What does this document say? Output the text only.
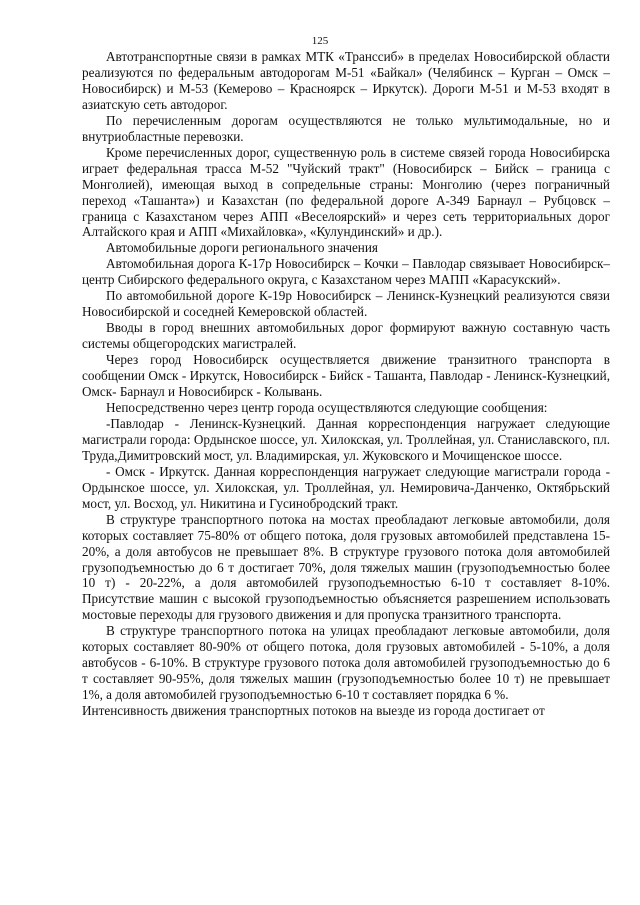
125

Автотранспортные связи в рамках МТК «Транссиб» в пределах Новосибирской области реализуются по федеральным автодорогам М-51 «Байкал» (Челябинск – Курган – Омск – Новосибирск) и М-53 (Кемерово – Красноярск – Иркутск). Дороги М-51 и М-53 входят в азиатскую сеть автодорог.

По перечисленным дорогам осуществляются не только мультимодальные, но и внутриобластные перевозки.

Кроме перечисленных дорог, существенную роль в системе связей города Новосибирска играет федеральная трасса М-52 "Чуйский тракт" (Новосибирск – Бийск – граница с Монголией), имеющая выход в сопредельные страны: Монголию (через пограничный переход «Ташанта») и Казахстан (по федеральной дороге А-349 Барнаул – Рубцовск – граница с Казахстаном через АПП «Веселоярский» и через сеть территориальных дорог Алтайского края и АПП «Михайловка», «Кулундинский» и др.).

Автомобильные дороги регионального значения

Автомобильная дорога К-17р Новосибирск – Кочки – Павлодар связывает Новосибирск– центр Сибирского федерального округа, с Казахстаном через МАПП «Карасукский».

По автомобильной дороге К-19р Новосибирск – Ленинск-Кузнецкий реализуются связи Новосибирской и соседней Кемеровской областей.

Вводы в город внешних автомобильных дорог формируют важную составную часть системы общегородских магистралей.

Через город Новосибирск осуществляется движение транзитного транспорта в сообщении Омск - Иркутск, Новосибирск - Бийск - Ташанта, Павлодар - Ленинск-Кузнецкий, Омск- Барнаул и Новосибирск - Колывань.

Непосредственно через центр города осуществляются следующие сообщения:

-Павлодар - Ленинск-Кузнецкий. Данная корреспонденция нагружает следующие магистрали города: Ордынское шоссе, ул. Хилокская, ул. Троллейная, ул. Станиславского, пл. Труда,Димитровский мост, ул. Владимирская, ул. Жуковского и Мочищенское шоссе.

- Омск - Иркутск. Данная корреспонденция нагружает следующие магистрали города - Ордынское шоссе, ул. Хилокская, ул. Троллейная, ул. Немировича-Данченко, Октябрьский мост, ул. Восход, ул. Никитина и Гусинобродский тракт.

В структуре транспортного потока на мостах преобладают легковые автомобили, доля которых составляет 75-80% от общего потока, доля грузовых автомобилей представлена 15-20%, а доля автобусов не превышает 8%. В структуре грузового потока доля автомобилей грузоподъемностью до 6 т достигает 70%, доля тяжелых машин (грузоподъемностью более 10 т) - 20-22%, а доля автомобилей грузоподъемностью 6-10 т составляет 8-10%. Присутствие машин с высокой грузоподъемностью объясняется разрешением использовать мостовые переходы для грузового движения и для пропуска транзитного транспорта.

В структуре транспортного потока на улицах преобладают легковые автомобили, доля которых составляет 80-90% от общего потока, доля грузовых автомобилей - 5-10%, а доля автобусов - 6-10%. В структуре грузового потока доля автомобилей грузоподъемностью до 6 т составляет 90-95%, доля тяжелых машин (грузоподъемностью более 10 т) не превышает 1%, а доля автомобилей грузоподъемностью 6-10 т составляет порядка 6 %.

Интенсивность движения транспортных потоков на выезде из города достигает от
